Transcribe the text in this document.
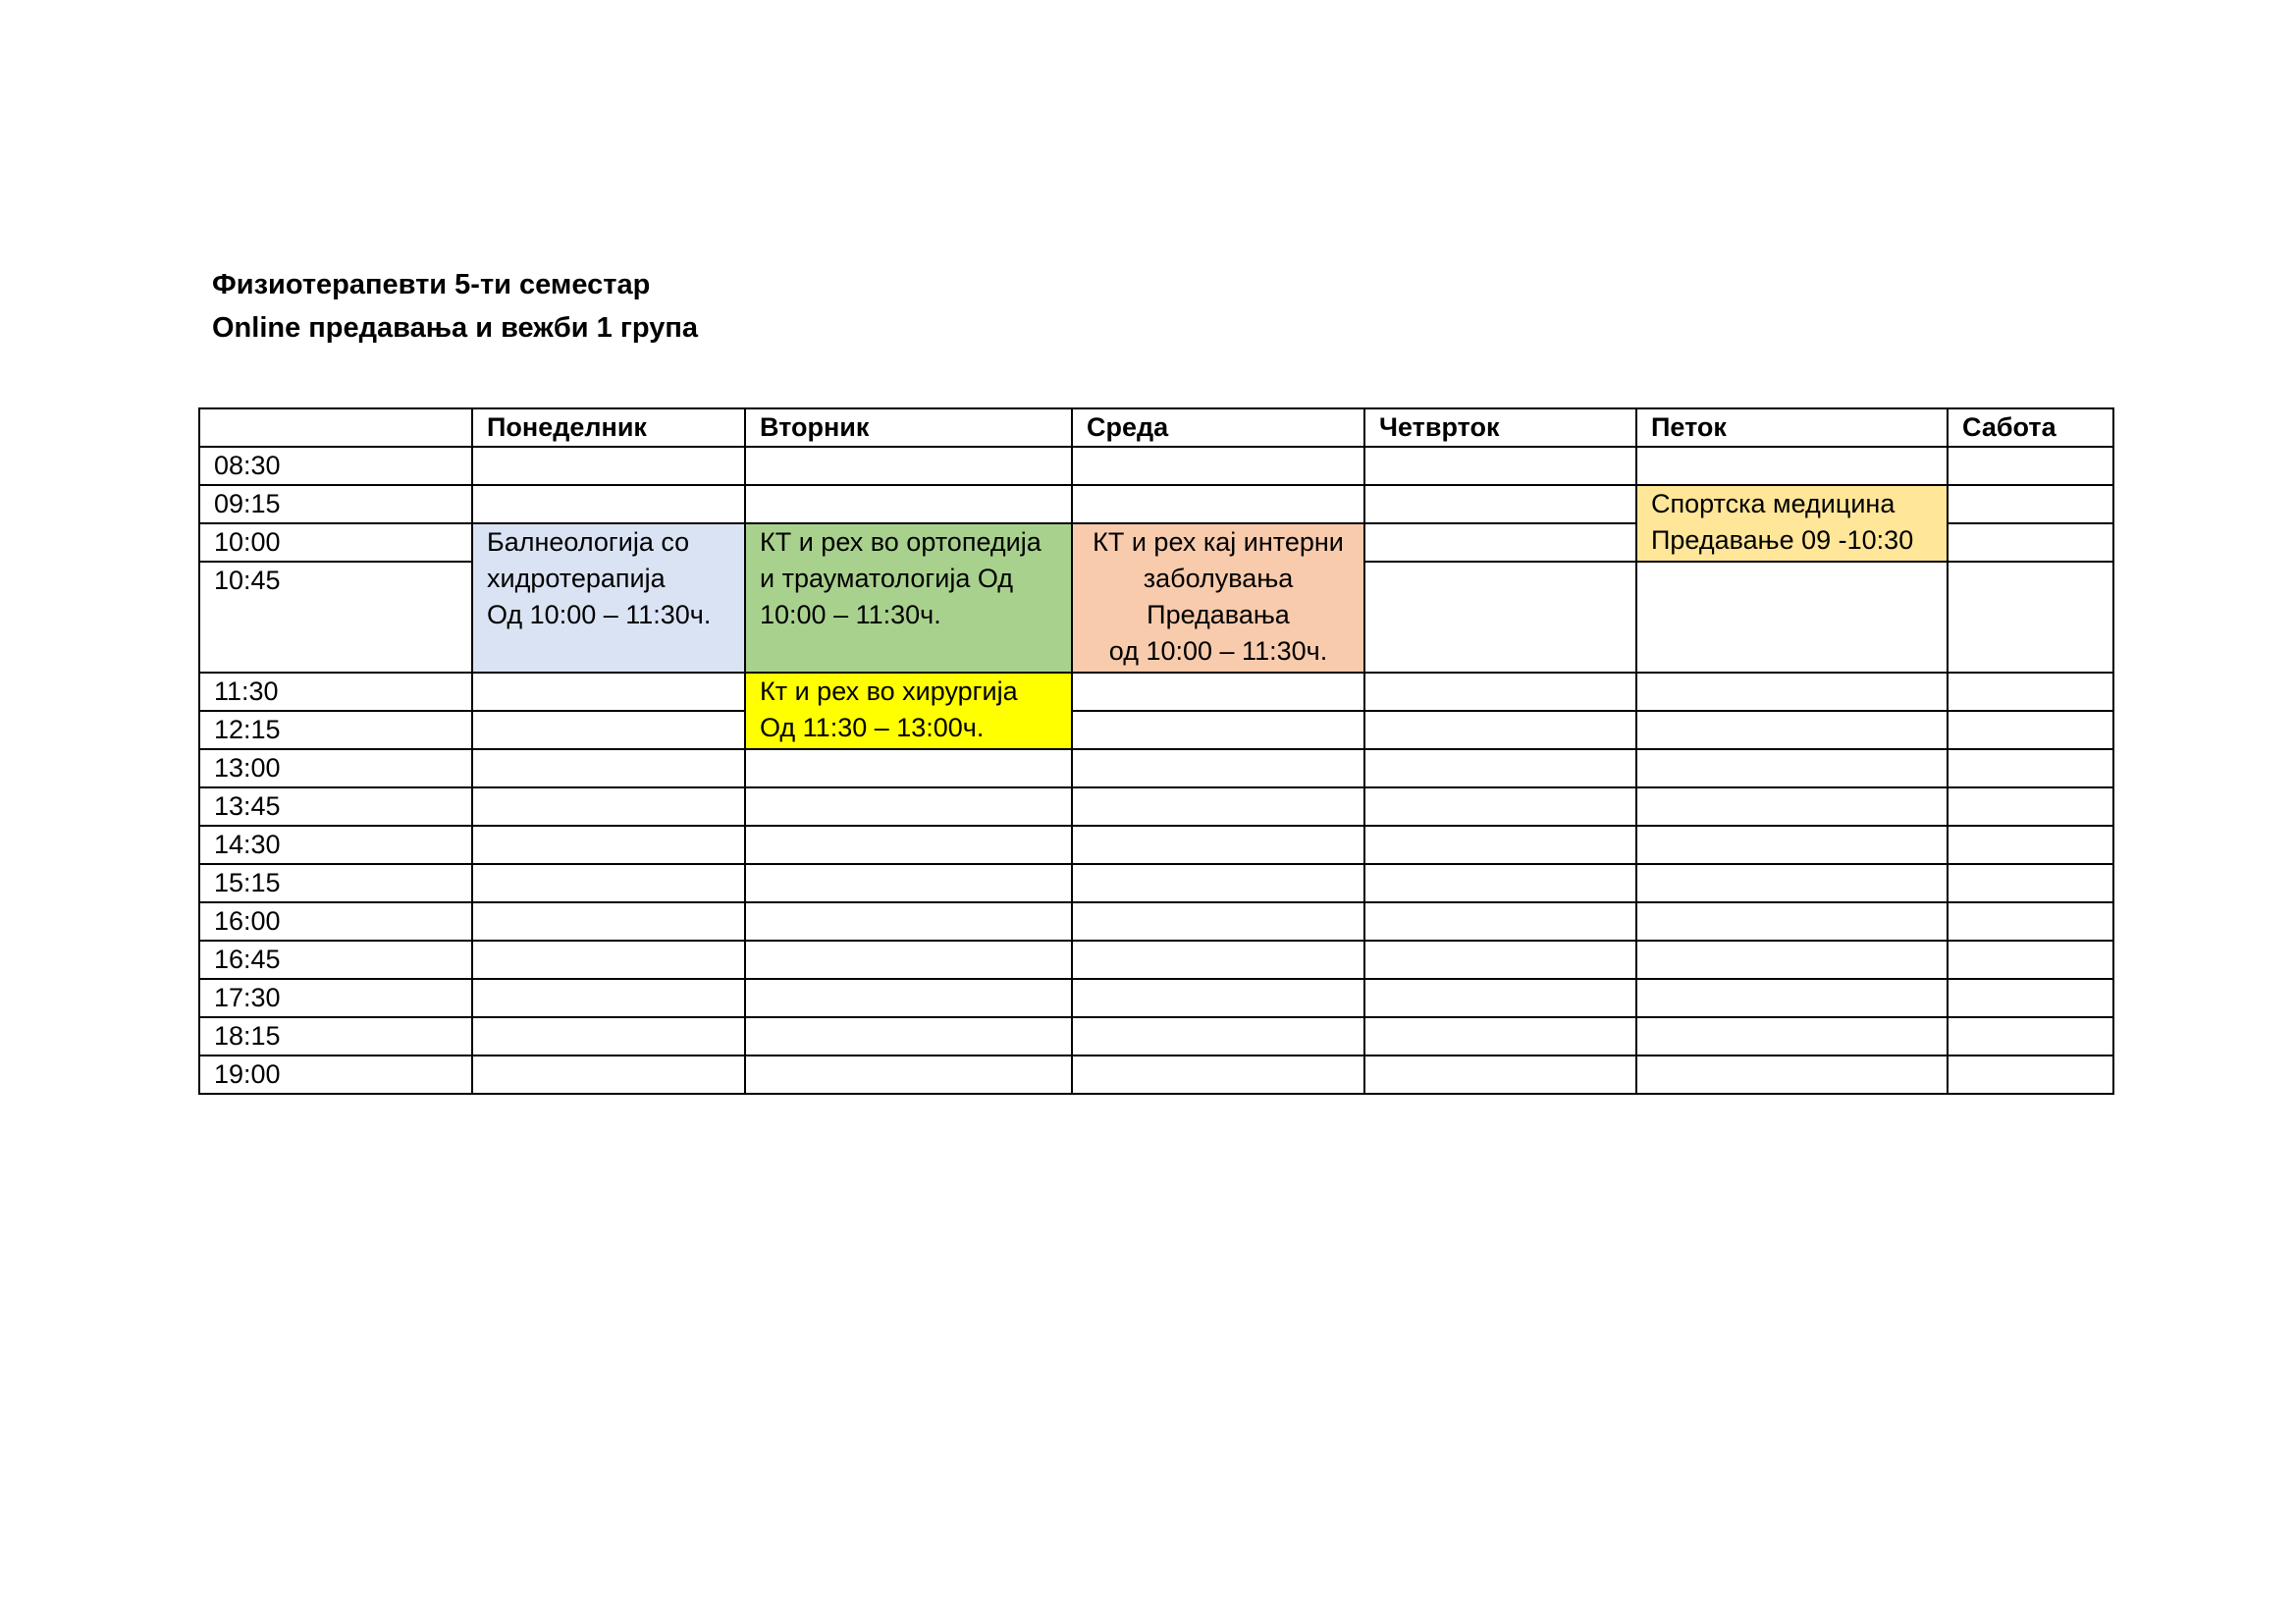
Физиотерапевти 5-ти семестар
Online предавања и вежби 1 група
	Понеделник	Вторник	Среда	Четврток	Петок	Сабота
08:30						
09:15					Спортска медицина
Предавање 09 -10:30	

10:00	Балнеологија со
хидротерапија
Од 10:00 – 11:30ч.	КТ и рех во ортопедија
и трауматологија Од
10:00 – 11:30ч.	КТ и рех кај интерни
заболувања
Предавања
од 10:00 – 11:30ч.			

10:45						
11:30		Кт и рех во хирургија
Од 11:30 – 13:00ч.				

12:15						
13:00						
13:45						
14:30						
15:15						
16:00						
16:45						
17:30						
18:15						
19:00						
